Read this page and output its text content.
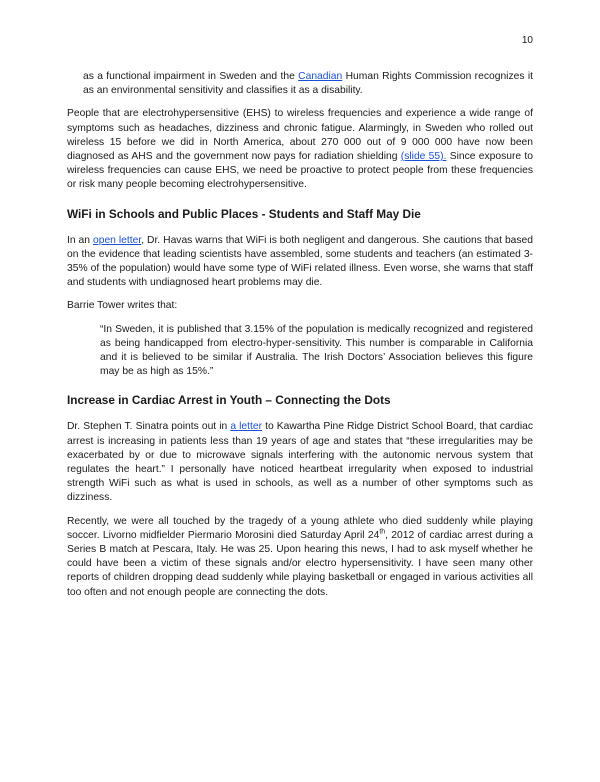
10

as a functional impairment in Sweden and the Canadian Human Rights Commission recognizes it as an environmental sensitivity and classifies it as a disability.

People that are electrohypersensitive (EHS) to wireless frequencies and experience a wide range of symptoms such as headaches, dizziness and chronic fatigue. Alarmingly, in Sweden who rolled out wireless 15 before we did in North America, about 270 000 out of 9 000 000 have now been diagnosed as AHS and the government now pays for radiation shielding (slide 55). Since exposure to wireless frequencies can cause EHS, we need be proactive to protect people from these frequencies or risk many people becoming electrohypersensitive.

WiFi in Schools and Public Places - Students and Staff May Die

In an open letter, Dr. Havas warns that WiFi is both negligent and dangerous. She cautions that based on the evidence that leading scientists have assembled, some students and teachers (an estimated 3-35% of the population) would have some type of WiFi related illness. Even worse, she warns that staff and students with undiagnosed heart problems may die.

Barrie Tower writes that:

“In Sweden, it is published that 3.15% of the population is medically recognized and registered as being handicapped from electro-hyper-sensitivity. This number is comparable in California and it is believed to be similar if Australia. The Irish Doctors’ Association believes this figure may be as high as 15%.”
Increase in Cardiac Arrest in Youth – Connecting the Dots

Dr. Stephen T. Sinatra points out in a letter to Kawartha Pine Ridge District School Board, that cardiac arrest is increasing in patients less than 19 years of age and states that “these irregularities may be exacerbated by or due to microwave signals interfering with the autonomic nervous system that regulates the heart.” I personally have noticed heartbeat irregularity when exposed to industrial strength WiFi such as what is used in schools, as well as a number of other symptoms such as dizziness.

Recently, we were all touched by the tragedy of a young athlete who died suddenly while playing soccer. Livorno midfielder Piermario Morosini died Saturday April 24th, 2012 of cardiac arrest during a Series B match at Pescara, Italy. He was 25. Upon hearing this news, I had to ask myself whether he could have been a victim of these signals and/or electro hypersensitivity. I have seen many other reports of children dropping dead suddenly while playing basketball or engaged in various activities all too often and not enough people are connecting the dots.
